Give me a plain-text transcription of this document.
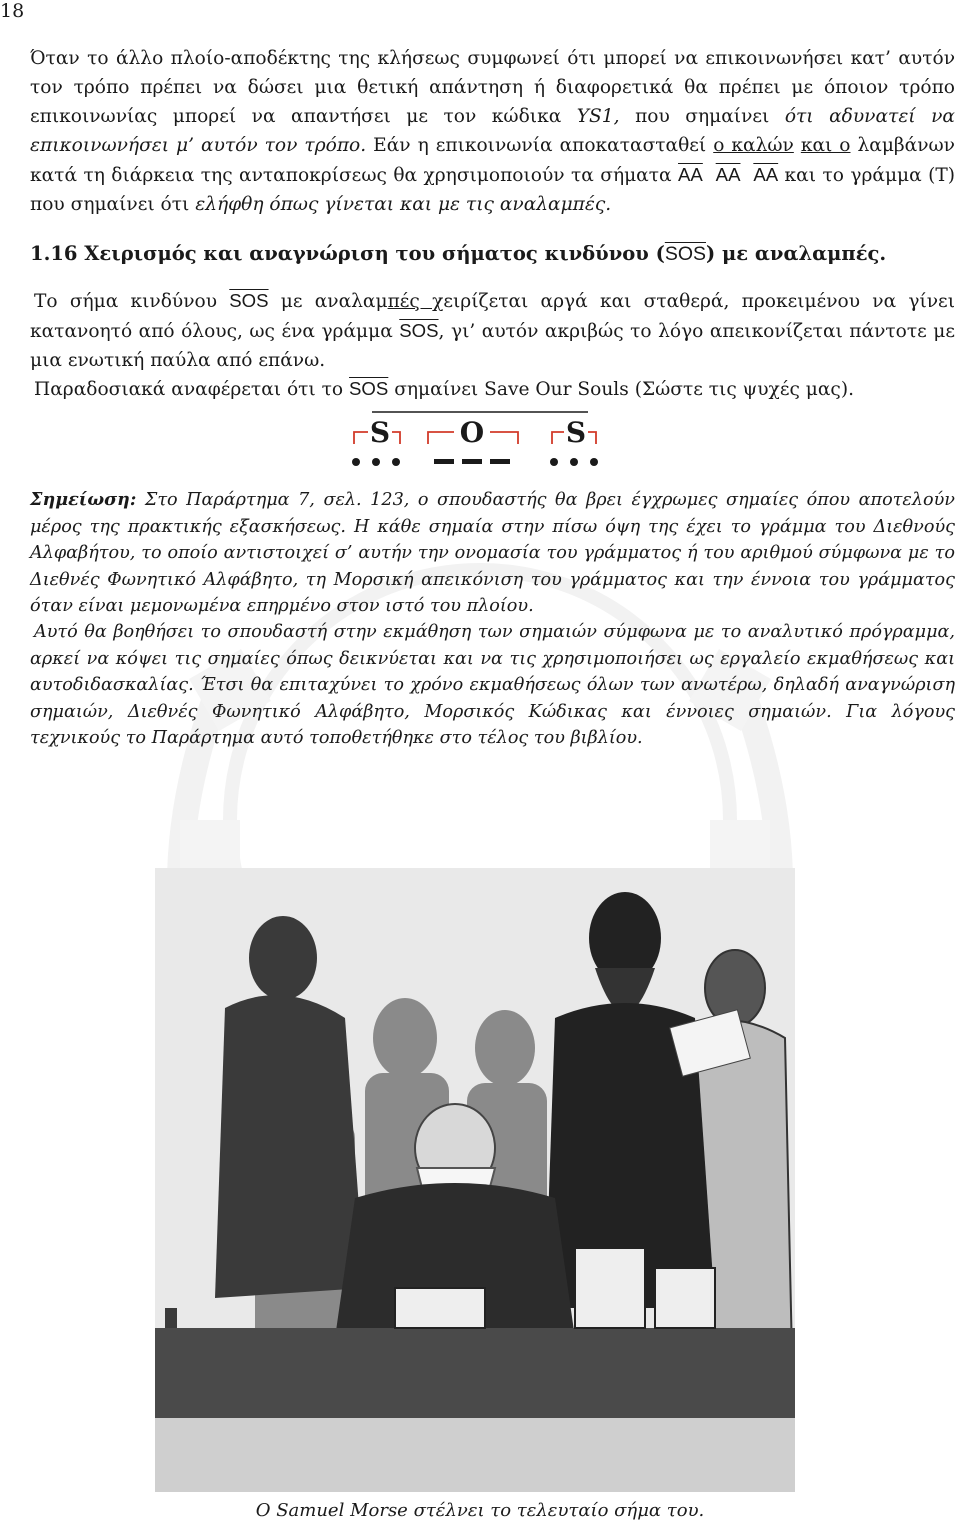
18

Όταν το άλλο πλοίο-αποδέκτης της κλήσεως συμφωνεί ότι μπορεί να επικοινωνήσει κατ’ αυτόν τον τρόπο πρέπει να δώσει μια θετική απάντηση ή διαφορετικά θα πρέπει με όποιον τρόπο επικοινωνίας μπορεί να απαντήσει με τον κώδικα YS1, που σημαίνει ότι αδυνατεί να επικοινωνήσει μ’ αυτόν τον τρόπο. Εάν η επικοινωνία αποκατασταθεί ο καλών και ο λαμβάνων κατά τη διάρκεια της ανταποκρίσεως θα χρησιμοποιούν τα σήματα $\overline{AA}$ $\overline{AA}$ $\overline{AA}$ και το γράμμα (Τ) που σημαίνει ότι ελήφθη όπως γίνεται και με τις αναλαμπές.

1.16 Χειρισμός και αναγνώριση του σήματος κινδύνου (SOS) με αναλαμπές.

Το σήμα κινδύνου $\overline{SOS}$ με αναλαμπές χειρίζεται αργά και σταθερά, προκειμένου να γίνει κατανοητό από όλους, ως ένα γράμμα $\overline{SOS}$, γι’ αυτόν ακριβώς το λόγο απεικονίζεται πάντοτε με μια ενωτική παύλα από επάνω.

Παραδοσιακά αναφέρεται ότι το $\overline{SOS}$ σημαίνει Save Our Souls (Σώστε τις ψυχές μας).

S O	S

Σημείωση: Στο Παράρτημα 7, σελ. 123, ο σπουδαστής θα βρει έγχρωμες σημαίες όπου αποτελούν μέρος της πρακτικής εξασκήσεως. Η κάθε σημαία στην πίσω όψη της έχει το γράμμα του Διεθνούς Αλφαβήτου, το οποίο αντιστοιχεί σ’ αυτήν την ονομασία του γράμματος ή του αριθμού σύμφωνα με το Διεθνές Φωνητικό Αλφάβητο, τη Μορσική απεικόνιση του γράμματος και την έννοια του γράμματος όταν είναι μεμονωμένα επηρμένο στον ιστό του πλοίου.

Αυτό θα βοηθήσει το σπουδαστή στην εκμάθηση των σημαιών σύμφωνα με το αναλυτικό πρόγραμμα, αρκεί να κόψει τις σημαίες όπως δεικνύεται και να τις χρησιμοποιήσει ως εργαλείο εκμαθήσεως και αυτοδιδασκαλίας. Έτσι θα επιταχύνει το χρόνο εκμαθήσεως όλων των ανωτέρω, δηλαδή αναγνώριση σημαιών, Διεθνές Φωνητικό Αλφάβητο, Μορσικός Κώδικας και έννοιες σημαιών. Για λόγους τεχνικούς το Παράρτημα αυτό τοποθετήθηκε στο τέλος του βιβλίου.

O Samuel Morse στέλνει το τελευταίο σήμα του.
